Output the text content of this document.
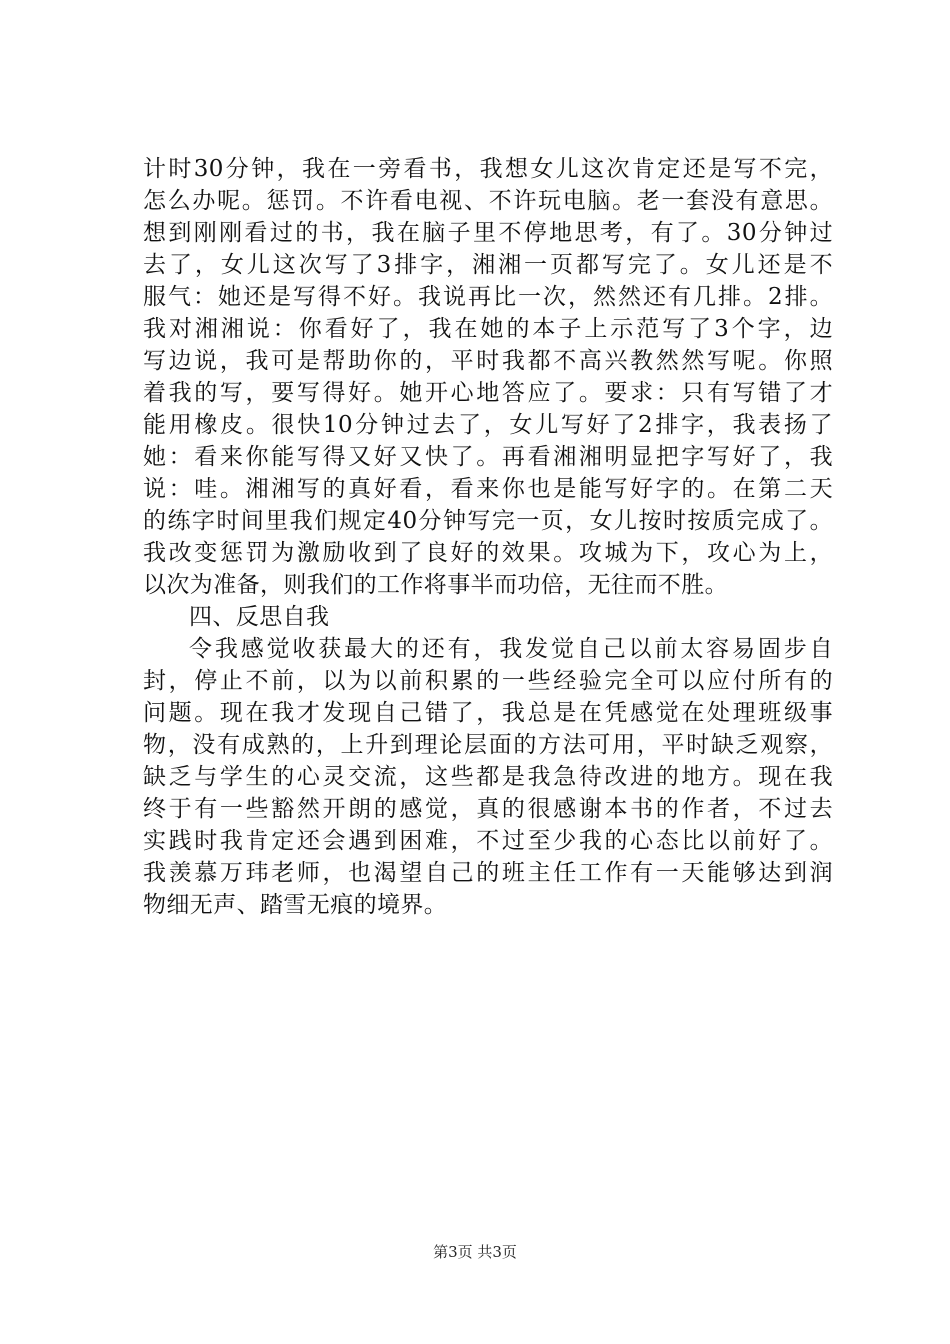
计时30分钟，我在一旁看书，我想女儿这次肯定还是写不完，
怎么办呢。惩罚。不许看电视、不许玩电脑。老一套没有意思。
想到刚刚看过的书，我在脑子里不停地思考，有了。30分钟过
去了，女儿这次写了3排字，湘湘一页都写完了。女儿还是不
服气：她还是写得不好。我说再比一次，然然还有几排。2排。
我对湘湘说：你看好了，我在她的本子上示范写了3个字，边
写边说，我可是帮助你的，平时我都不高兴教然然写呢。你照
着我的写，要写得好。她开心地答应了。要求：只有写错了才
能用橡皮。很快10分钟过去了，女儿写好了2排字，我表扬了
她：看来你能写得又好又快了。再看湘湘明显把字写好了，我
说：哇。湘湘写的真好看，看来你也是能写好字的。在第二天
的练字时间里我们规定40分钟写完一页，女儿按时按质完成了。
我改变惩罚为激励收到了良好的效果。攻城为下，攻心为上，
以次为准备，则我们的工作将事半而功倍，无往而不胜。
四、反思自我
令我感觉收获最大的还有，我发觉自己以前太容易固步自
封，停止不前，以为以前积累的一些经验完全可以应付所有的
问题。现在我才发现自己错了，我总是在凭感觉在处理班级事
物，没有成熟的，上升到理论层面的方法可用，平时缺乏观察，
缺乏与学生的心灵交流，这些都是我急待改进的地方。现在我
终于有一些豁然开朗的感觉，真的很感谢本书的作者，不过去
实践时我肯定还会遇到困难，不过至少我的心态比以前好了。
我羡慕万玮老师，也渴望自己的班主任工作有一天能够达到润
物细无声、踏雪无痕的境界。
第3页 共3页
